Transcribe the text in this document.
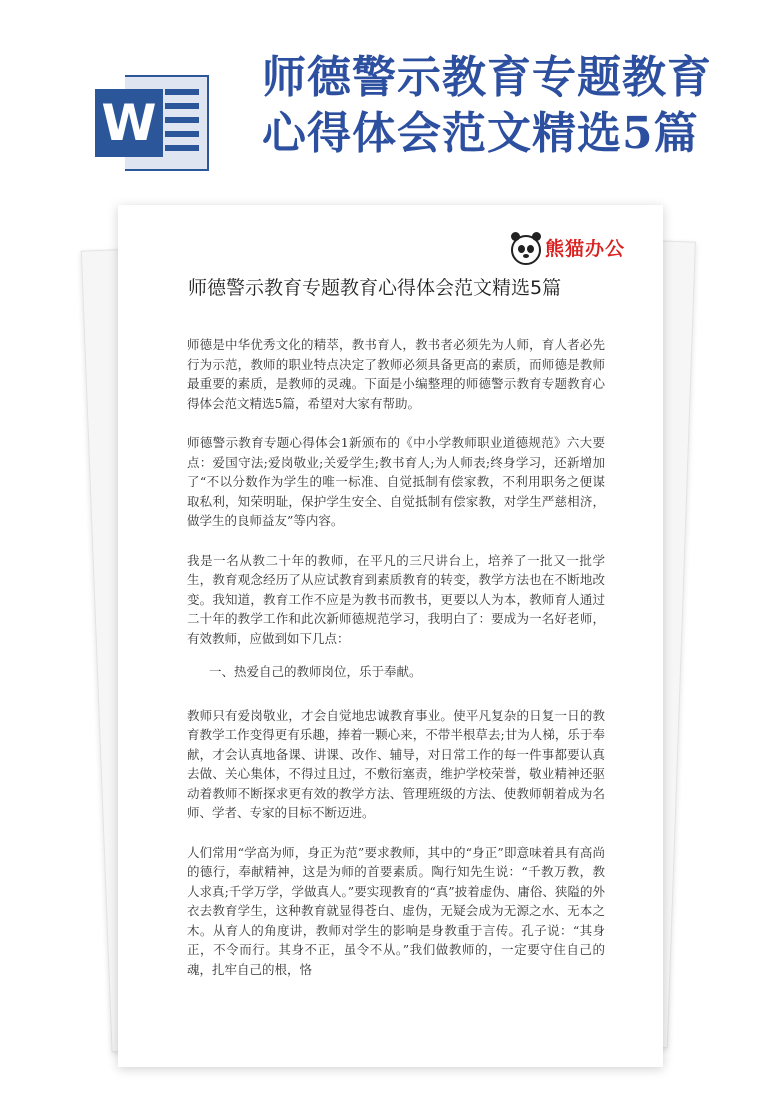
W
师德警示教育专题教育
心得体会范文精选5篇
熊猫办公
师德警示教育专题教育心得体会范文精选5篇

师德是中华优秀文化的精萃，教书育人，教书者必须先为人师，育人者必先行为示范，教师的职业特点决定了教师必须具备更高的素质，而师德是教师最重要的素质，是教师的灵魂。下面是小编整理的师德警示教育专题教育心得体会范文精选5篇，希望对大家有帮助。

师德警示教育专题心得体会1新颁布的《中小学教师职业道德规范》六大要点：爱国守法;爱岗敬业;关爱学生;教书育人;为人师表;终身学习，还新增加了“不以分数作为学生的唯一标准、自觉抵制有偿家教，不利用职务之便谋取私利，知荣明耻，保护学生安全、自觉抵制有偿家教，对学生严慈相济，做学生的良师益友”等内容。

我是一名从教二十年的教师，在平凡的三尺讲台上，培养了一批又一批学生，教育观念经历了从应试教育到素质教育的转变，教学方法也在不断地改变。我知道，教育工作不应是为教书而教书，更要以人为本，教师育人通过二十年的教学工作和此次新师德规范学习，我明白了：要成为一名好老师，有效教师，应做到如下几点：

一、热爱自己的教师岗位，乐于奉献。

教师只有爱岗敬业，才会自觉地忠诚教育事业。使平凡复杂的日复一日的教育教学工作变得更有乐趣，捧着一颗心来，不带半根草去;甘为人梯，乐于奉献，才会认真地备课、讲课、改作、辅导，对日常工作的每一件事都要认真去做、关心集体，不得过且过，不敷衍塞责，维护学校荣誉，敬业精神还驱动着教师不断探求更有效的教学方法、管理班级的方法、使教师朝着成为名师、学者、专家的目标不断迈进。

人们常用“学高为师，身正为范”要求教师，其中的“身正”即意味着具有高尚的德行，奉献精神，这是为师的首要素质。陶行知先生说：“千教万教，教人求真;千学万学，学做真人。”要实现教育的“真”披着虚伪、庸俗、狭隘的外衣去教育学生，这种教育就显得苍白、虚伪，无疑会成为无源之水、无本之木。从育人的角度讲，教师对学生的影响是身教重于言传。孔子说：“其身正，不令而行。其身不正，虽令不从。”我们做教师的，一定要守住自己的魂，扎牢自己的根，恪
